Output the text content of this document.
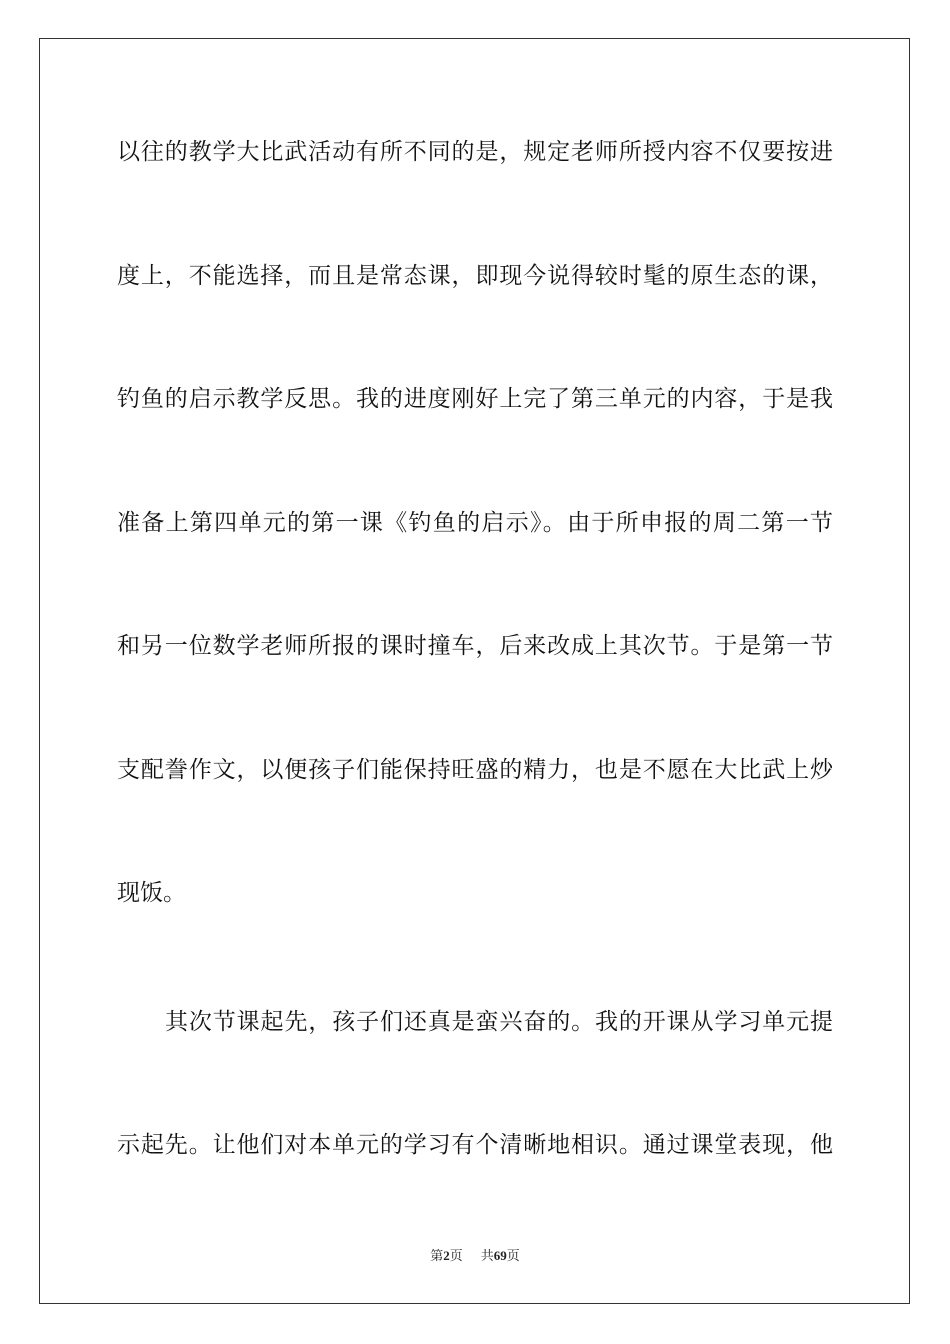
以往的教学大比武活动有所不同的是，规定老师所授内容不仅要按进
度上，不能选择，而且是常态课，即现今说得较时髦的原生态的课，
钓鱼的启示教学反思。我的进度刚好上完了第三单元的内容，于是我
准备上第四单元的第一课《钓鱼的启示》。由于所申报的周二第一节
和另一位数学老师所报的课时撞车，后来改成上其次节。于是第一节
支配誊作文，以便孩子们能保持旺盛的精力，也是不愿在大比武上炒
现饭。
其次节课起先，孩子们还真是蛮兴奋的。我的开课从学习单元提
示起先。让他们对本单元的学习有个清晰地相识。通过课堂表现，他
第2页 共69页
